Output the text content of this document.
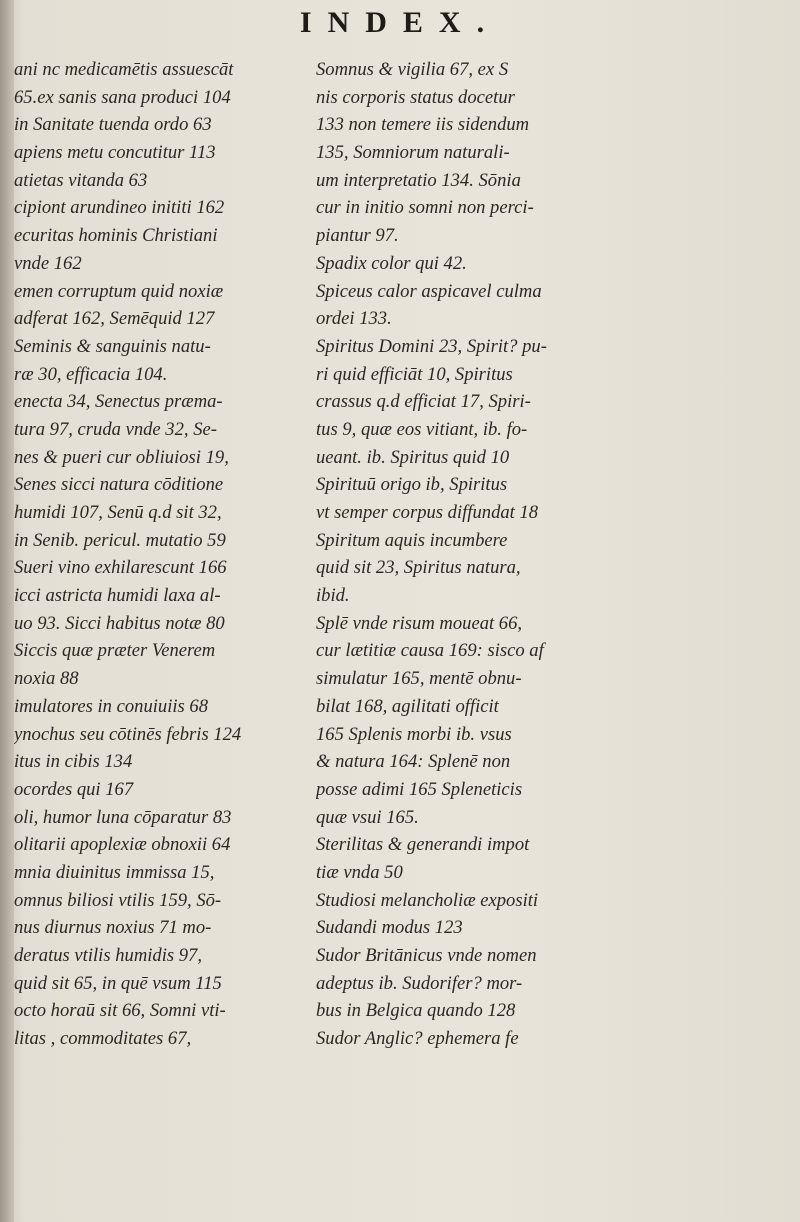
INDEX.
ani nc medicamētis assuescāt
65.ex sanis sana produci 104
in Sanitate tuenda ordo 63
apiens metu concutitur 113
atietas vitanda 63
cipiont arundineo inititi 162
ecuritas hominis Christiani
vnde 162
emen corruptum quid noxiæ
adferat 162, Semēquid 127
Seminis & sanguinis natu-
ræ 30, efficacia 104.
enecta 34, Senectus præma-
tura 97, cruda vnde 32, Se-
nes & pueri cur obliuiosi 19,
Senes sicci natura cōditione
humidi 107, Senū q.d sit 32,
in Senib. pericul. mutatio 59
Sueri vino exhilarescunt 166
icci astricta humidi laxa al-
uo 93. Sicci habitus notæ 80
Siccis quæ præter Venerem
noxia 88
imulatores in conuiuiis 68
ynochus seu cōtinēs febris 124
itus in cibis 134
ocordes qui 167
oli, humor luna cōparatur 83
olitarii apoplexiæ obnoxii 64
mnia diuinitus immissa 15,
omnus biliosi vtilis 159, Sō-
nus diurnus noxius 71 mo-
deratus vtilis humidis 97,
quid sit 65, in quē vsum 115
octo horaū sit 66, Somni vti-
litas , commoditates 67,
Somnus & vigilia 67, ex S
nis corporis status docetur
133 non temere iis sidendum
135, Somniorum naturali-
um interpretatio 134. Sōnia
cur in initio somni non perci-
piantur 97.
Spadix color qui 42.
Spiceus calor aspicavel culma
ordei 133.
Spiritus Domini 23, Spirit? pu-
ri quid efficiāt 10, Spiritus
crassus q.d efficiat 17, Spiri-
tus 9, quæ eos vitiant, ib. fo-
ueant. ib. Spiritus quid 10
Spirituū origo ib, Spiritus
vt semper corpus diffundat 18
Spiritum aquis incumbere
quid sit 23, Spiritus natura,
ibid.
Splē vnde risum moueat 66,
cur lætitiæ causa 169: sisco af
simulatur 165, mentē obnu-
bilat 168, agilitati officit
165 Splenis morbi ib. vsus
& natura 164: Splenē non
posse adimi 165 Spleneticis
quæ vsui 165.
Sterilitas & generandi impot
tiæ vnda 50
Studiosi melancholiæ expositi
Sudandi modus 123
Sudor Britānicus vnde nomen
adeptus ib. Sudorifer? mor-
bus in Belgica quando 128
Sudor Anglic? ephemera fe
